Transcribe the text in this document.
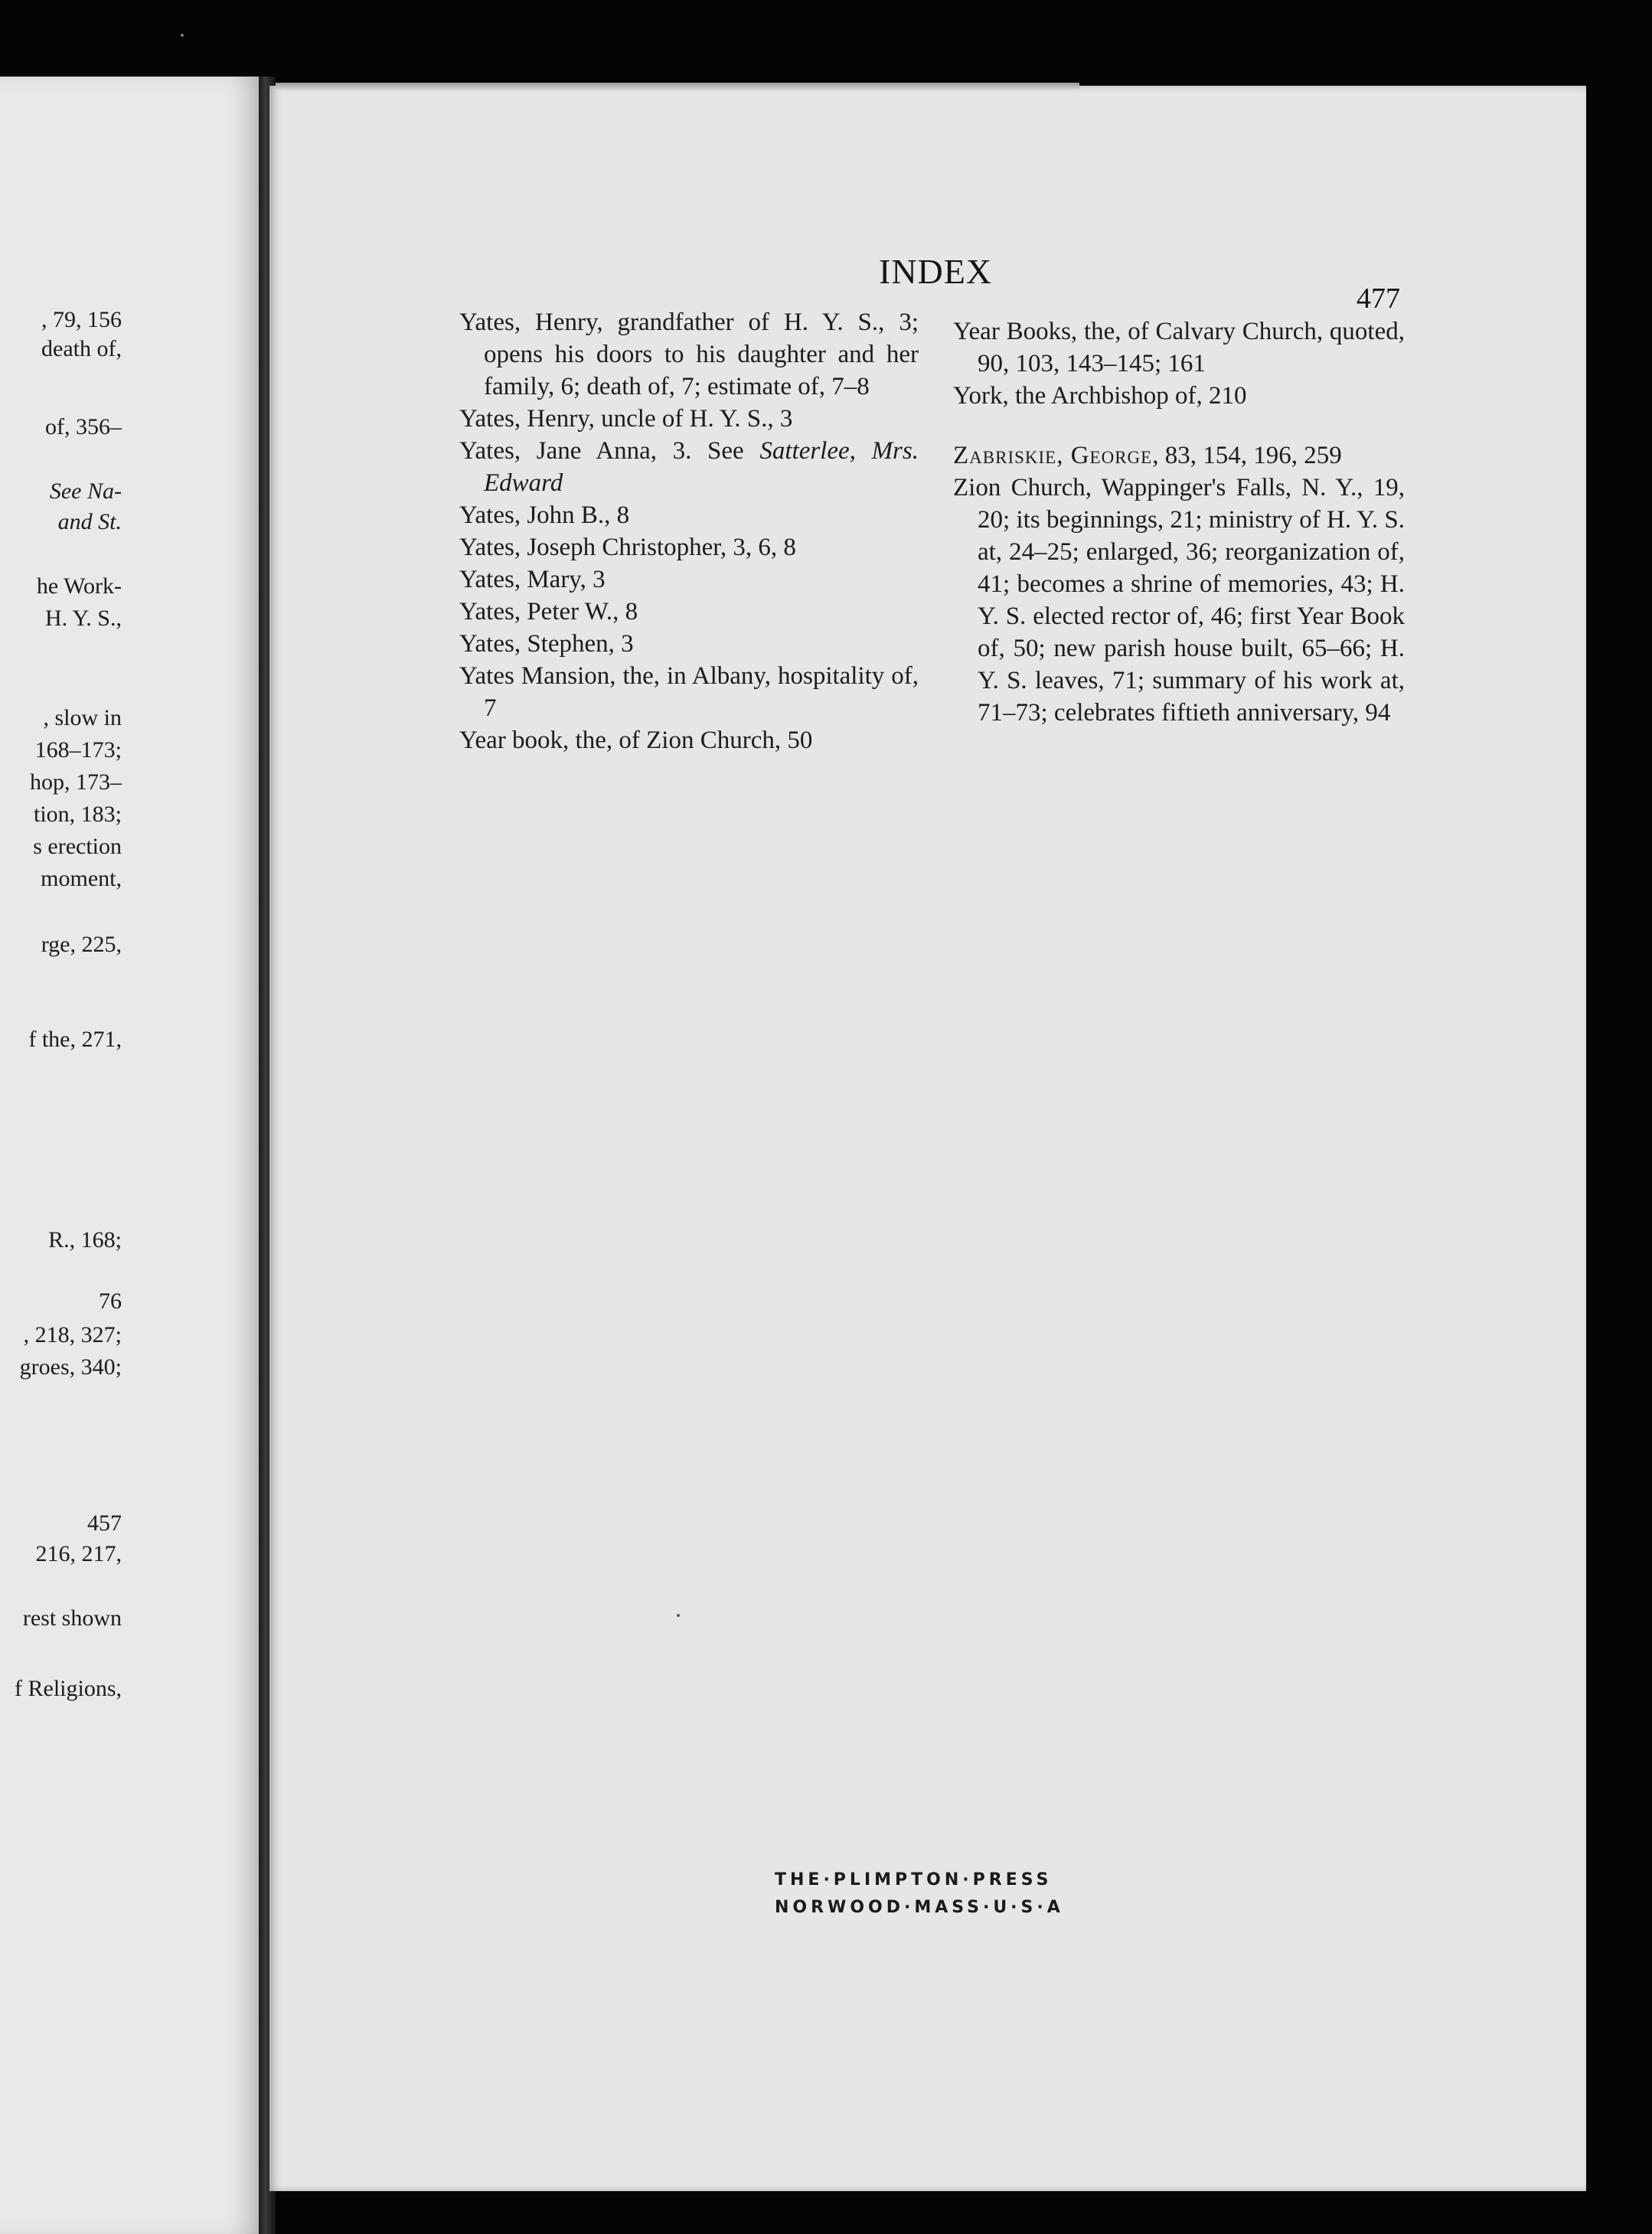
, 79, 156
death of,
of, 356–
See Na-
and St.
he Work-
H. Y. S.,
, slow in
168–173;
hop, 173–
tion, 183;
s erection
moment,
rge, 225,
f the, 271,
R., 168;
76
, 218, 327;
groes, 340;
457
216, 217,
rest shown
f Religions,
INDEX
477

Yates, Henry, grandfather of H. Y. S., 3; opens his doors to his daughter and her family, 6; death of, 7; estimate of, 7–8

Yates, Henry, uncle of H. Y. S., 3

Yates, Jane Anna, 3. See Satterlee, Mrs. Edward

Yates, John B., 8

Yates, Joseph Christopher, 3, 6, 8

Yates, Mary, 3

Yates, Peter W., 8

Yates, Stephen, 3

Yates Mansion, the, in Albany, hospitality of, 7

Year book, the, of Zion Church, 50

Year Books, the, of Calvary Church, quoted, 90, 103, 143–145; 161

York, the Archbishop of, 210

Zabriskie, George, 83, 154, 196, 259

Zion Church, Wappinger's Falls, N. Y., 19, 20; its beginnings, 21; ministry of H. Y. S. at, 24–25; enlarged, 36; reorganization of, 41; becomes a shrine of memories, 43; H. Y. S. elected rector of, 46; first Year Book of, 50; new parish house built, 65–66; H. Y. S. leaves, 71; summary of his work at, 71–73; celebrates fiftieth anniversary, 94

THE·PLIMPTON·PRESS
NORWOOD·MASS·U·S·A
